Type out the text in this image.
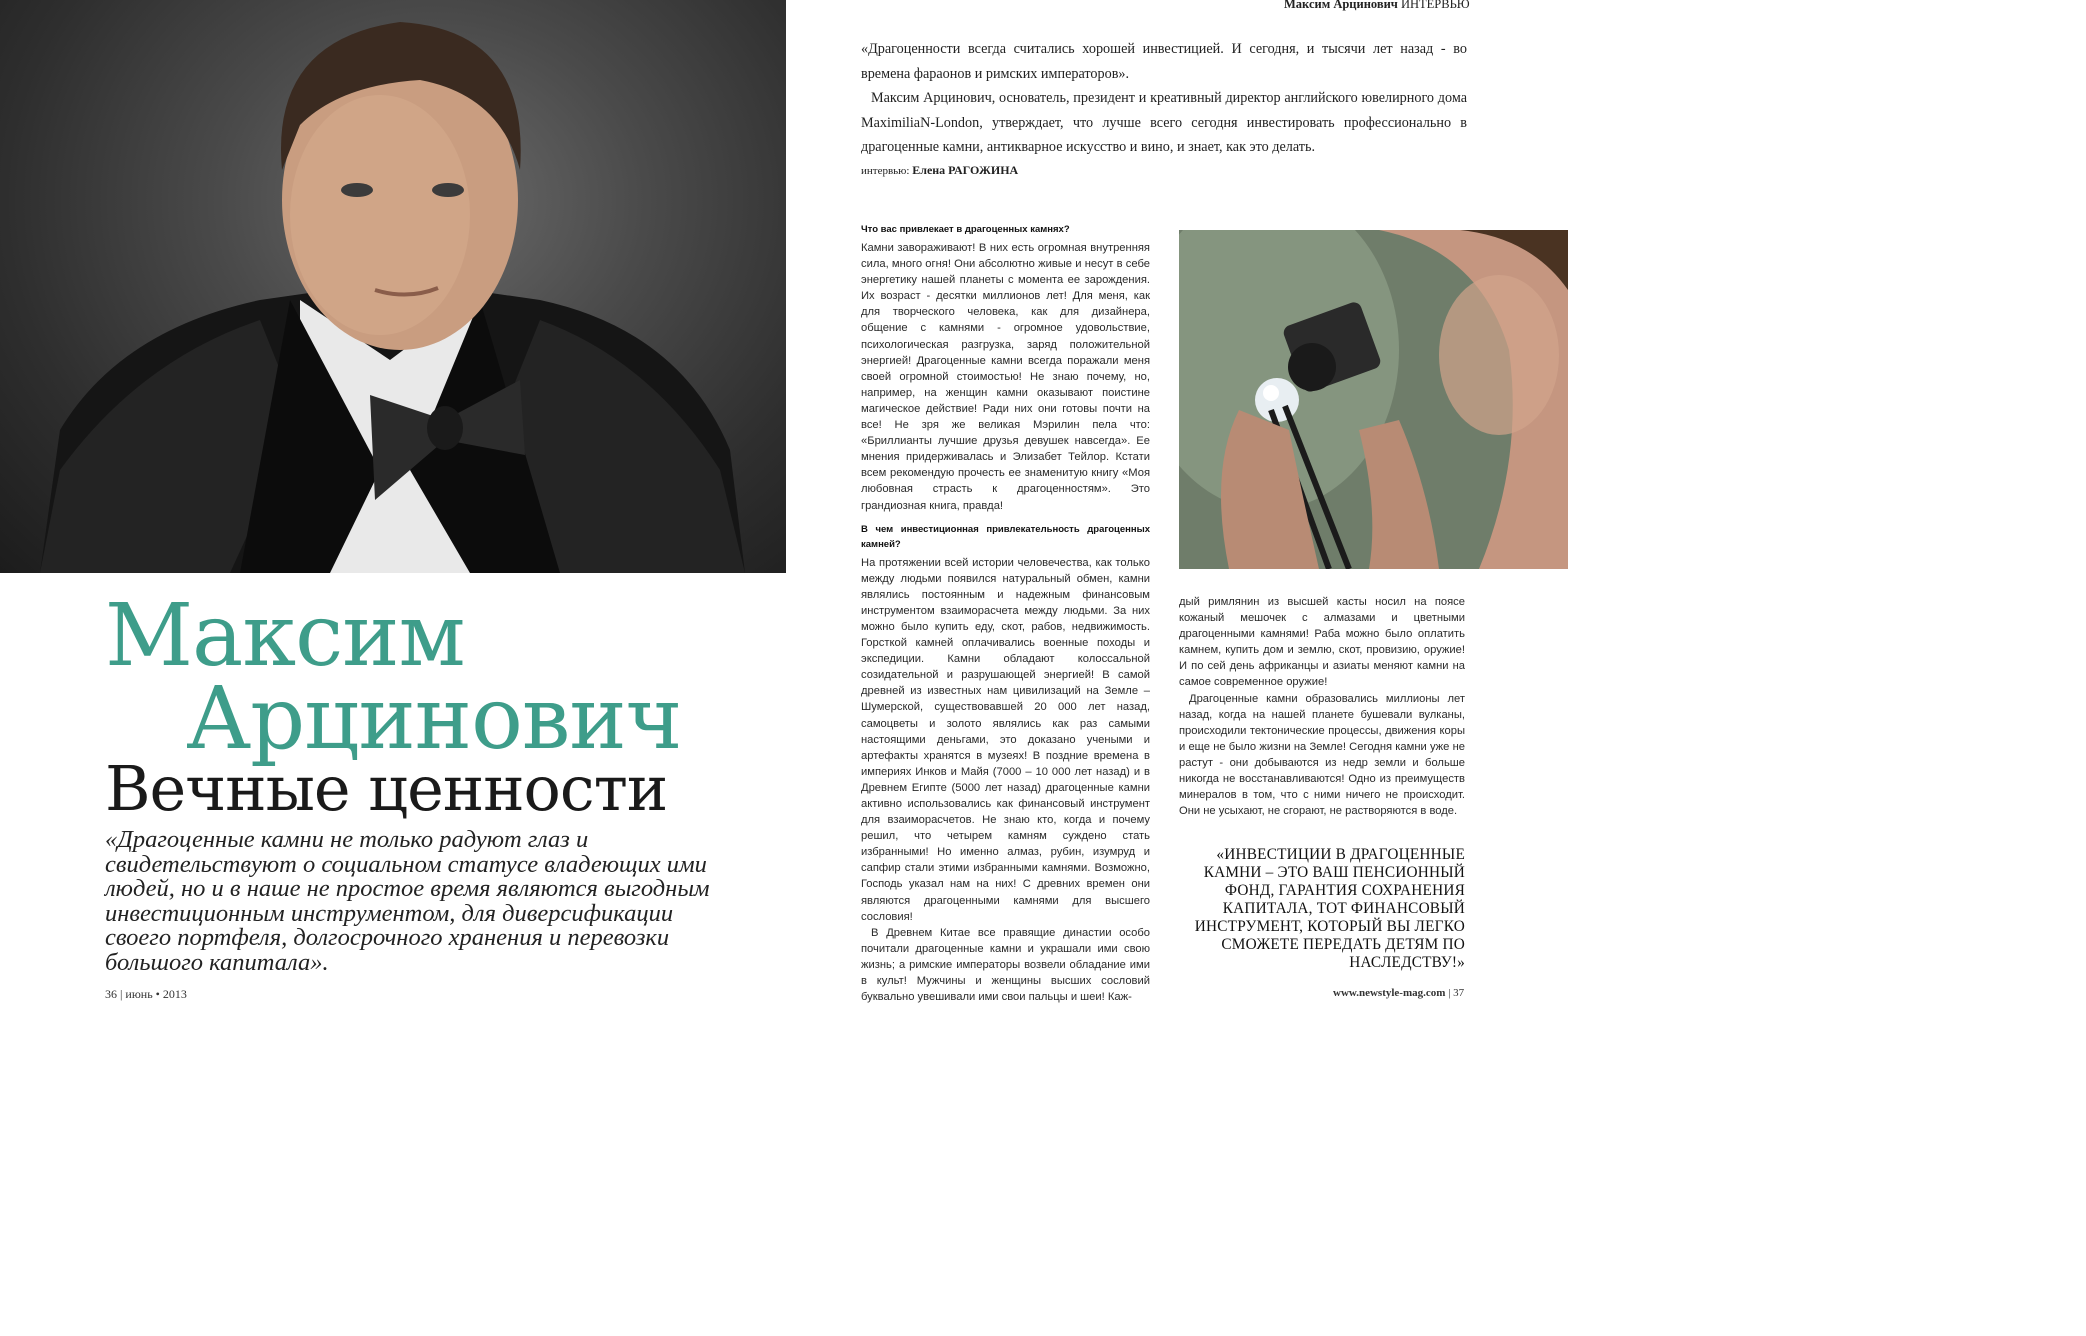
Максим
Арцинович
Вечные ценности
«Драгоценные камни не только радуют глаз и свидетельствуют о социальном статусе владеющих ими людей, но и в наше не простое время являются выгодным инвестиционным инструментом, для диверсификации своего портфеля, долгосрочного хранения и перевозки большого капитала».
36 | июнь • 2013
Максим Арцинович ИНТЕРВЬЮ

«Драгоценности всегда считались хорошей инвестицией. И сегодня, и тысячи лет назад - во времена фараонов и римских императоров».

Максим Арцинович, основатель, президент и креативный директор английского ювелирного дома MaximiliaN-London, утверждает, что лучше всего сегодня инвестировать профессионально в драгоценные камни, антикварное искусство и вино, и знает, как это делать.

интервью: Елена РАГОЖИНА

Что вас привлекает в драгоценных камнях?

Камни завораживают! В них есть огромная внутренняя сила, много огня! Они абсолютно живые и несут в себе энергетику нашей планеты с момента ее зарождения. Их возраст - десятки миллионов лет! Для меня, как для творческого человека, как для дизайнера, общение с камнями - огромное удовольствие, психологическая разгрузка, заряд положительной энергией! Драгоценные камни всегда поражали меня своей огромной стоимостью! Не знаю почему, но, например, на женщин камни оказывают поистине магическое действие! Ради них они готовы почти на все! Не зря же великая Мэрилин пела что: «Бриллианты лучшие друзья девушек навсегда». Ее мнения придерживалась и Элизабет Тейлор. Кстати всем рекомендую прочесть ее знаменитую книгу «Моя любовная страсть к драгоценностям». Это грандиозная книга, правда!

В чем инвестиционная привлекательность драгоценных камней?

На протяжении всей истории человечества, как только между людьми появился натуральный обмен, камни являлись постоянным и надежным финансовым инструментом взаиморасчета между людьми. За них можно было купить еду, скот, рабов, недвижимость. Горсткой камней оплачивались военные походы и экспедиции. Камни обладают колоссальной созидательной и разрушающей энергией! В самой древней из известных нам цивилизаций на Земле – Шумерской, существовавшей 20 000 лет назад, самоцветы и золото являлись как раз самыми настоящими деньгами, это доказано учеными и артефакты хранятся в музеях! В поздние времена в империях Инков и Майя (7000 – 10 000 лет назад) и в Древнем Египте (5000 лет назад) драгоценные камни активно использовались как финансовый инструмент для взаиморасчетов. Не знаю кто, когда и почему решил, что четырем камням суждено стать избранными! Но именно алмаз, рубин, изумруд и сапфир стали этими избранными камнями. Возможно, Господь указал нам на них! С древних времен они являются драгоценными камнями для высшего сословия!

В Древнем Китае все правящие династии особо почитали драгоценные камни и украшали ими свою жизнь; а римские императоры возвели обладание ими в культ! Мужчины и женщины высших сословий буквально увешивали ими свои пальцы и шеи! Каж-

дый римлянин из высшей касты носил на поясе кожаный мешочек с алмазами и цветными драгоценными камнями! Раба можно было оплатить камнем, купить дом и землю, скот, провизию, оружие! И по сей день африканцы и азиаты меняют камни на самое современное оружие!

Драгоценные камни образовались миллионы лет назад, когда на нашей планете бушевали вулканы, происходили тектонические процессы, движения коры и еще не было жизни на Земле! Сегодня камни уже не растут - они добываются из недр земли и больше никогда не восстанавливаются! Одно из преимуществ минералов в том, что с ними ничего не происходит. Они не усыхают, не сгорают, не растворяются в воде.

«ИНВЕСТИЦИИ В ДРАГОЦЕННЫЕ КАМНИ – ЭТО ВАШ ПЕНСИОННЫЙ ФОНД, ГАРАНТИЯ СОХРАНЕНИЯ КАПИТАЛА, ТОТ ФИНАНСОВЫЙ ИНСТРУМЕНТ, КОТОРЫЙ ВЫ ЛЕГКО СМОЖЕТЕ ПЕРЕДАТЬ ДЕТЯМ ПО НАСЛЕДСТВУ!»
www.newstyle-mag.com | 37
